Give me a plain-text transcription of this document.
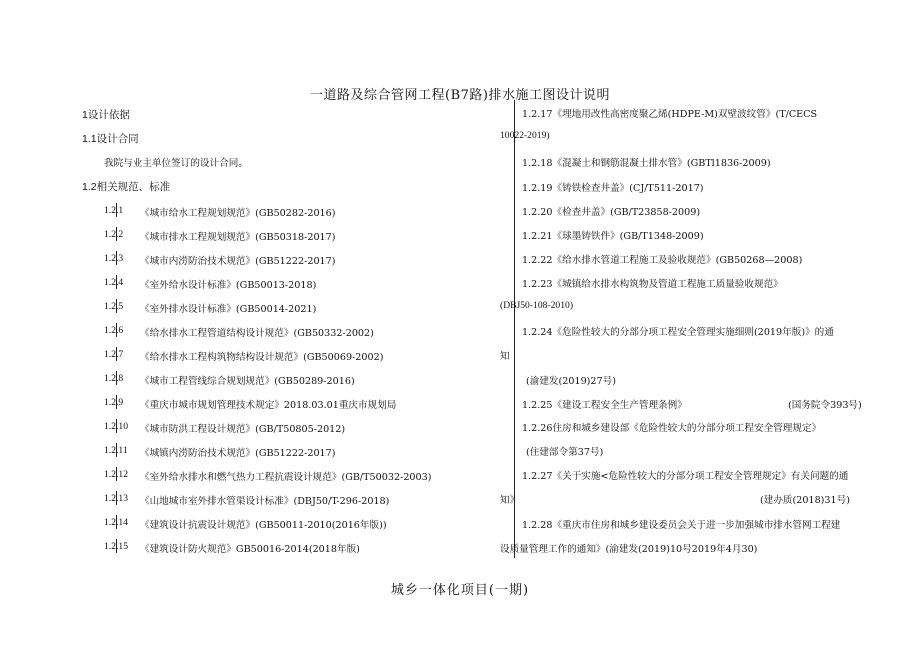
一道路及综合管网工程(B7路)排水施工图设计说明
1设计依据
1.1设计合同
我院与业主单位签订的设计合同。
1.2相关规范、标准
1.2.1 《城市给水工程规划规范》(GB50282-2016)
1.2.2 《城市排水工程规划规范》(GB50318-2017)
1.2.3 《城市内涝防治技术规范》(GB51222-2017)
1.2.4 《室外给水设计标准》(GB50013-2018)
1.2.5 《室外排水设计标准》(GB50014-2021)
1.2.6 《给水排水工程管道结构设计规范》(GB50332-2002)
1.2.7 《给水排水工程构筑物结构设计规范》(GB50069-2002)
1.2.8 《城市工程管线综合规划规范》(GB50289-2016)
1.2.9 《重庆市城市规划管理技术规定》2018.03.01重庆市规划局
1.2.10 《城市防洪工程设计规范》(GB/T50805-2012)
1.2.11 《城镇内涝防治技术规范》(GB51222-2017)
1.2.12 《室外给水排水和燃气热力工程抗震设计规范》(GB/T50032-2003)
1.2.13 《山地城市室外排水管渠设计标准》(DBJ50/T-296-2018)
1.2.14 《建筑设计抗震设计规范》(GB50011-2010(2016年版))
1.2.15 《建筑设计防火规范》GB50016-2014(2018年版)
1.2.17《埋地用改性高密度聚乙烯(HDPE-M)双壁波纹管》(T/CECS
10022-2019)
1.2.18《混凝土和钢筋混凝土排水管》(GBTl1836-2009)
1.2.19《铸铁检查井盖》(CJ/T511-2017)
1.2.20《检查井盖》(GB/T23858-2009)
1.2.21《球墨铸铁件》(GB/T1348-2009)
1.2.22《给水排水管道工程施工及验收规范》(GB50268—2008)
1.2.23《城镇给水排水构筑物及管道工程施工质量验收规范》
(DBJ50-108-2010)
1.2.24《危险性较大的分部分项工程安全管理实施细则(2019年版)》的通
知
(渝建发(2019)27号)
1.2.25《建设工程安全生产管理条例》	(国务院令393号)
1.2.26住房和城乡建设部《危险性较大的分部分项工程安全管理规定》
(住建部令第37号)
1.2.27《关于实施<危险性较大的分部分项工程安全管理规定》有关问题的通
知》	(建办质(2018)31号)
1.2.28《重庆市住房和城乡建设委员会关于进一步加强城市排水管网工程建
设质量管理工作的通知》(渝建发(2019)10号2019年4月30)
城乡一体化项目(一期)
